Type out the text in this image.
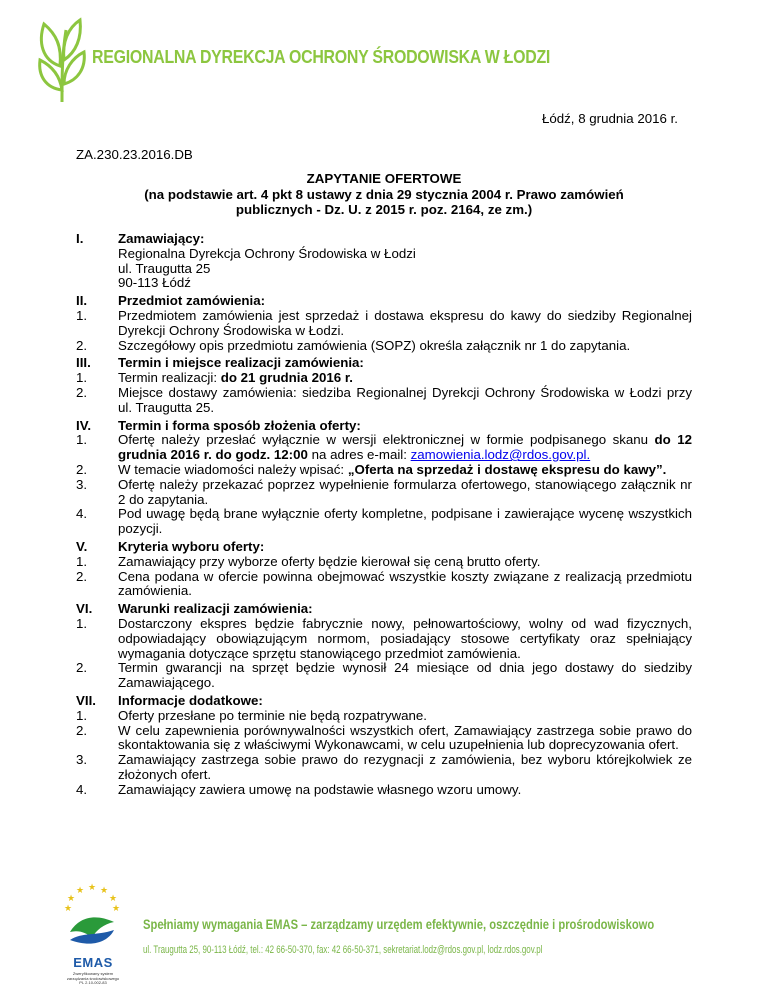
REGIONALNA DYREKCJA OCHRONY ŚRODOWISKA W ŁODZI
Łódź, 8 grudnia 2016 r.
ZA.230.23.2016.DB
ZAPYTANIE OFERTOWE
(na podstawie art. 4 pkt 8 ustawy z dnia 29 stycznia 2004 r. Prawo zamówień
publicznych - Dz. U. z 2015 r. poz. 2164, ze zm.)
I.	Zamawiający:
Regionalna Dyrekcja Ochrony Środowiska w Łodzi
ul. Traugutta 25
90-113 Łódź
II.	Przedmiot zamówienia:
1.	Przedmiotem zamówienia jest sprzedaż i dostawa ekspresu do kawy do siedziby Regionalnej Dyrekcji Ochrony Środowiska w Łodzi.
2.	Szczegółowy opis przedmiotu zamówienia (SOPZ) określa załącznik nr 1 do zapytania.
III.	Termin i miejsce realizacji zamówienia:
1.	Termin realizacji: do 21 grudnia 2016 r.
2.	Miejsce dostawy zamówienia: siedziba Regionalnej Dyrekcji Ochrony Środowiska w Łodzi przy ul. Traugutta 25.
IV.	Termin i forma sposób złożenia oferty:
1.	Ofertę należy przesłać wyłącznie w wersji elektronicznej w formie podpisanego skanu do 12 grudnia 2016 r. do godz. 12:00 na adres e-mail: zamowienia.lodz@rdos.gov.pl.
2.	W temacie wiadomości należy wpisać: „Oferta na sprzedaż i dostawę ekspresu do kawy”.
3.	Ofertę należy przekazać poprzez wypełnienie formularza ofertowego, stanowiącego załącznik nr 2 do zapytania.
4.	Pod uwagę będą brane wyłącznie oferty kompletne, podpisane i zawierające wycenę wszystkich pozycji.
V.	Kryteria wyboru oferty:
1.	Zamawiający przy wyborze oferty będzie kierował się ceną brutto oferty.
2.	Cena podana w ofercie powinna obejmować wszystkie koszty związane z realizacją przedmiotu zamówienia.
VI.	Warunki realizacji zamówienia:
1.	Dostarczony ekspres będzie fabrycznie nowy, pełnowartościowy, wolny od wad fizycznych, odpowiadający obowiązującym normom, posiadający stosowe certyfikaty oraz spełniający wymagania dotyczące sprzętu stanowiącego przedmiot zamówienia.
2.	Termin gwarancji na sprzęt będzie wynosił 24 miesiące od dnia jego dostawy do siedziby Zamawiającego.
VII.	Informacje dodatkowe:
1.	Oferty przesłane po terminie nie będą rozpatrywane.
2.	W celu zapewnienia porównywalności wszystkich ofert, Zamawiający zastrzega sobie prawo do skontaktowania się z właściwymi Wykonawcami, w celu uzupełnienia lub doprecyzowania ofert.
3.	Zamawiający zastrzega sobie prawo do rezygnacji z zamówienia, bez wyboru którejkolwiek ze złożonych ofert.
4.	Zamawiający zawiera umowę na podstawie własnego wzoru umowy.
★
★ ★
★	★
★	★
EMAS
Zweryfikowany system zarządzania środowiskowego PL 2.10-002-83
Spełniamy wymagania EMAS – zarządzamy urzędem efektywnie, oszczędnie i prośrodowiskowo
ul. Traugutta 25, 90-113 Łódź, tel.: 42 66-50-370, fax: 42 66-50-371, sekretariat.lodz@rdos.gov.pl, lodz.rdos.gov.pl
